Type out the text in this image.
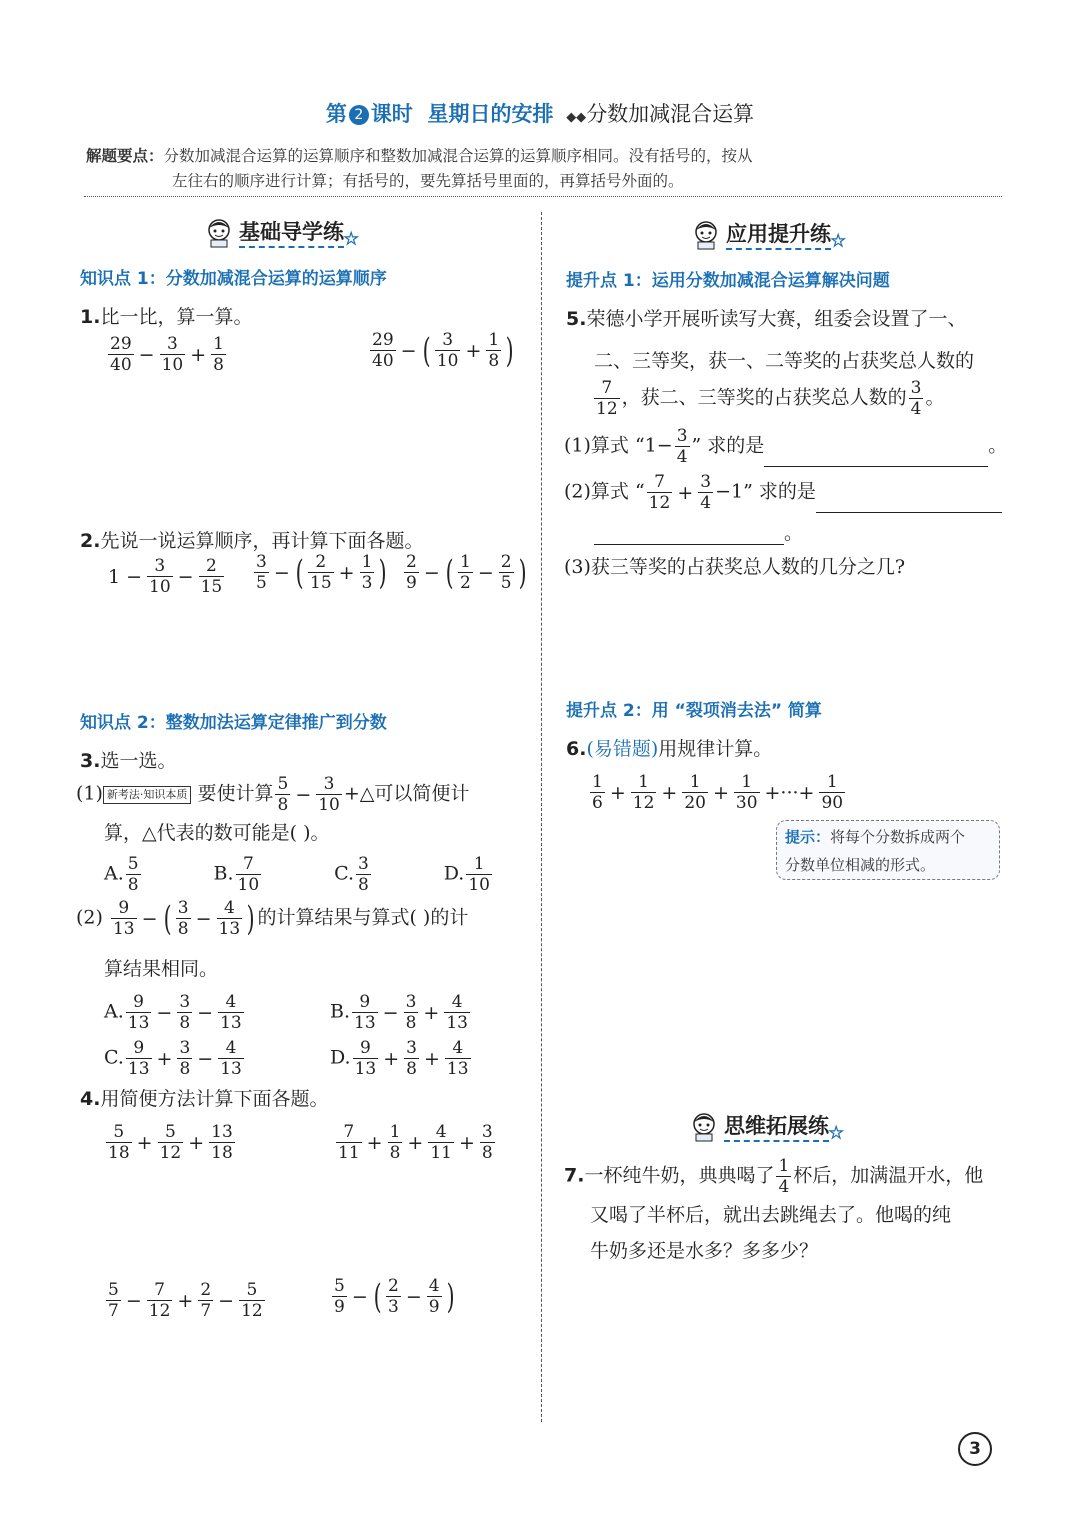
第 2 课时 星期日的安排 ◆◆分数加减混合运算
解题要点：分数加减混合运算的运算顺序和整数加减混合运算的运算顺序相同。没有括号的，按从
左往右的顺序进行计算；有括号的，要先算括号里面的，再算括号外面的。
基础导学练★
知识点 1：分数加减混合运算的运算顺序
1.比一比，算一算。
$\frac{29}{40} - \frac{3}{10} + \frac{1}{8}$	$\frac{29}{40}$ − ( $\frac{3}{10} + \frac{1}{8}$ )
2.先说一说运算顺序，再计算下面各题。
$1 - \frac{3}{10} - \frac{2}{15} \frac{3}{5}$ − ( $\frac{2}{15} + \frac{1}{3}$ ) $\frac{2}{9}$ − ( $\frac{1}{2} - \frac{2}{5}$ )
知识点 2：整数加法运算定律推广到分数
3.选一选。
(1) 新考法·知识本质 要使计算 $\frac{5}{8} - \frac{3}{10}$ +△可以简便计
算，△代表的数可能是( )。
A. $\frac{5}{8}$	B. $\frac{7}{10}$	C. $\frac{3}{8}$	D. $\frac{1}{10}$
$(2) \frac{9}{13}$ − ( $\frac{3}{8} - \frac{4}{13}$ ) 的计算结果与算式( )的计
算结果相同。
A. $\frac{9}{13} - \frac{3}{8} - \frac{4}{13}$	B. $\frac{9}{13} - \frac{3}{8} + \frac{4}{13}$
C. $\frac{9}{13} + \frac{3}{8} - \frac{4}{13}$	D. $\frac{9}{13} + \frac{3}{8} + \frac{4}{13}$
4.用简便方法计算下面各题。
$\frac{5}{18} + \frac{5}{12} + \frac{13}{18}$	$\frac{7}{11} + \frac{1}{8} + \frac{4}{11} + \frac{3}{8}$
$\frac{5}{7} - \frac{7}{12} + \frac{2}{7} - \frac{5}{12}$	$\frac{5}{9}$ − ( $\frac{2}{3} - \frac{4}{9}$ )
应用提升练★
提升点 1：运用分数加减混合运算解决问题
5.荣德小学开展听读写大赛，组委会设置了一、
二、三等奖，获一、二等奖的占获奖总人数的
$\frac{7}{12}$ ，获二、三等奖的占获奖总人数的 $\frac{3}{4}$ 。
(1)算式 “$1- \frac{3}{4}$ ” 求的是	。
(2)算式 “ $\frac{7}{12} + \frac{3}{4} -1$” 求的是
。
(3)获三等奖的占获奖总人数的几分之几?
提升点 2：用 “裂项消去法” 简算
6.(易错题)用规律计算。
$\frac{1}{6} + \frac{1}{12} + \frac{1}{20} + \frac{1}{30}$ +···+ $\frac{1}{90}$
提示：将每个分数拆成两个
分数单位相减的形式。
思维拓展练★
7.一杯纯牛奶，典典喝了 $\frac{1}{4}$ 杯后，加满温开水，他
又喝了半杯后，就出去跳绳去了。他喝的纯
牛奶多还是水多？多多少？
3
